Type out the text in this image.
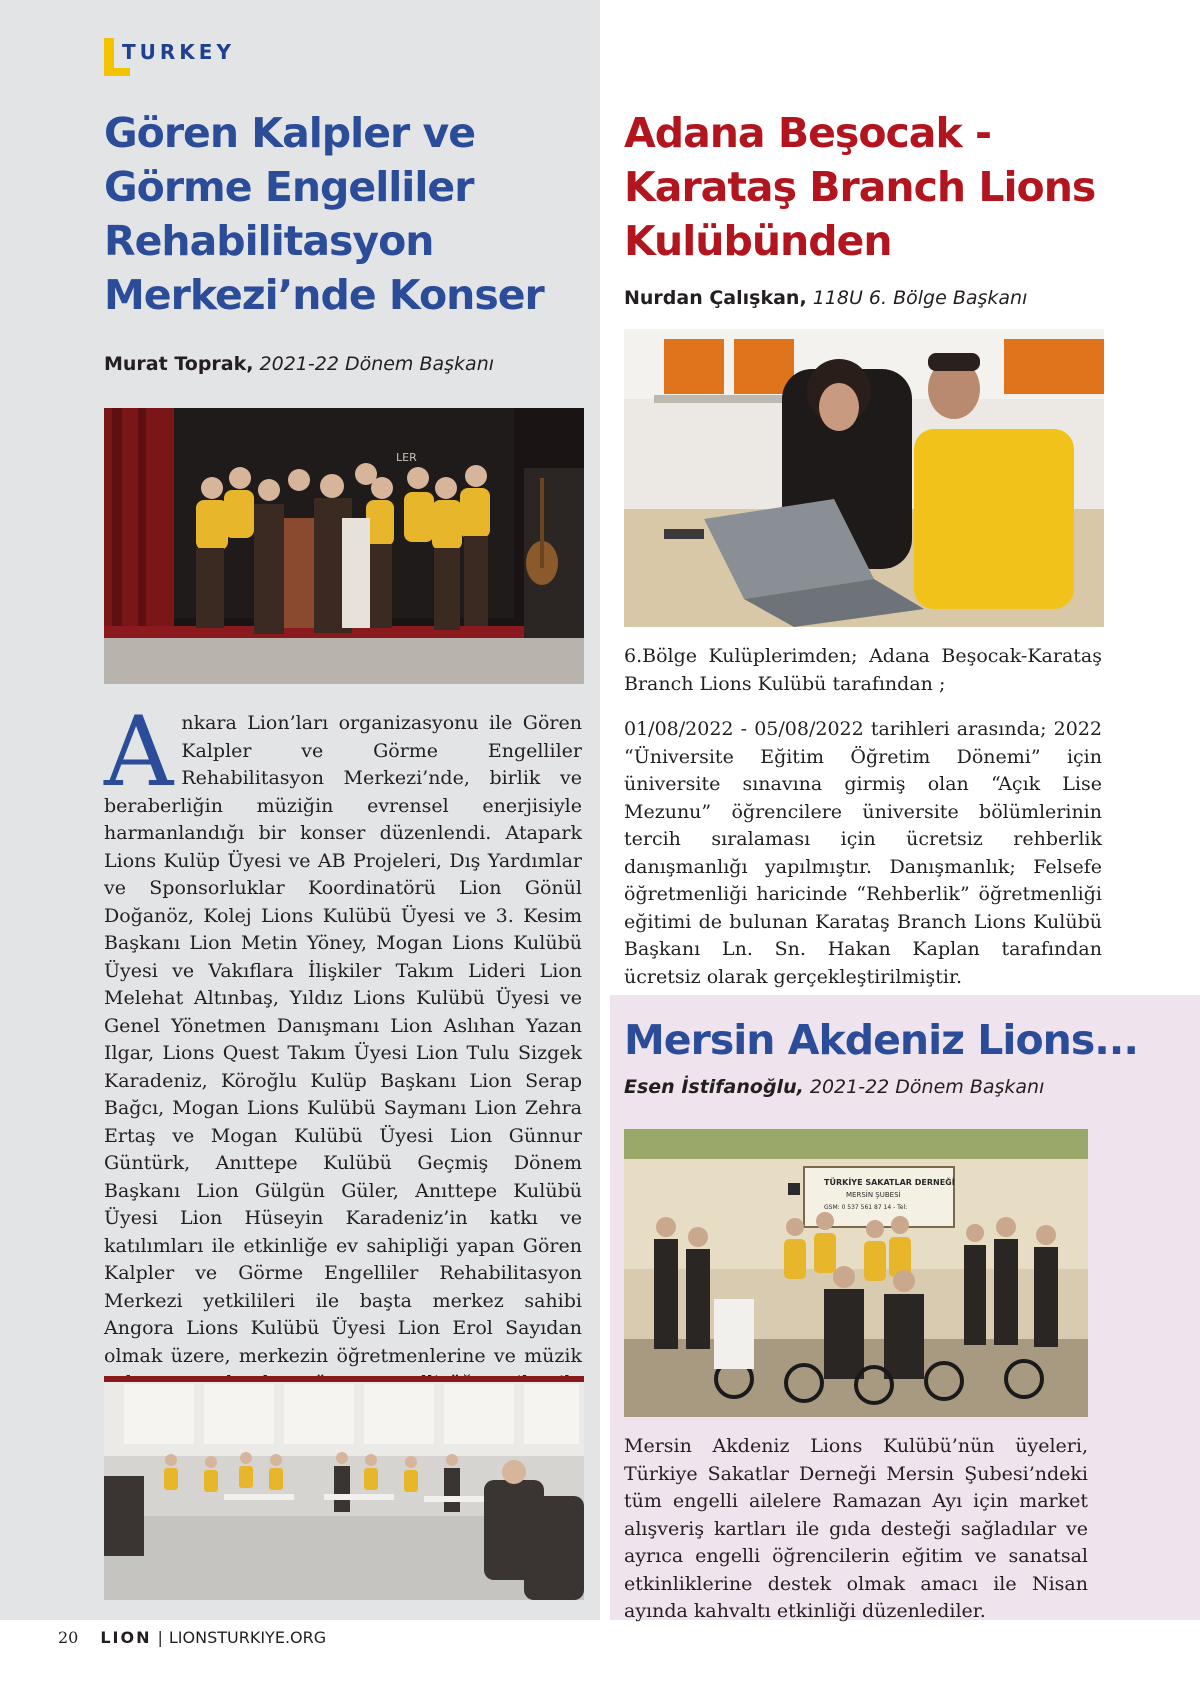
TURKEY
Gören Kalpler ve Görme Engelliler Rehabilitasyon Merkezi’nde Konser
Murat Toprak, 2021-22 Dönem Başkanı
LER

Ankara Lion’ları organizasyonu ile Gören Kalpler ve Görme Engelliler Rehabilitasyon Merkezi’nde, birlik ve beraberliğin müziğin evrensel enerjisiyle harmanlandığı bir konser düzenlendi. Atapark Lions Kulüp Üyesi ve AB Projeleri, Dış Yardımlar ve Sponsorluklar Koordinatörü Lion Gönül Doğanöz, Kolej Lions Kulübü Üyesi ve 3. Kesim Başkanı Lion Metin Yöney, Mogan Lions Kulübü Üyesi ve Vakıflara İlişkiler Takım Lideri Lion Melehat Altınbaş, Yıldız Lions Kulübü Üyesi ve Genel Yönetmen Danışmanı Lion Aslıhan Yazan Ilgar, Lions Quest Takım Üyesi Lion Tulu Sizgek Karadeniz, Köroğlu Kulüp Başkanı Lion Serap Bağcı, Mogan Lions Kulübü Saymanı Lion Zehra Ertaş ve Mogan Kulübü Üyesi Lion Günnur Güntürk, Anıttepe Kulübü Geçmiş Dönem Başkanı Lion Gülgün Güler, Anıttepe Kulübü Üyesi Lion Hüseyin Karadeniz’in katkı ve katılımları ile etkinliğe ev sahipliği yapan Gören Kalpler ve Görme Engelliler Rehabilitasyon Merkezi yetkilileri ile başta merkez sahibi Angora Lions Kulübü Üyesi Lion Erol Sayıdan olmak üzere, merkezin öğretmenlerine ve müzik

Adana Beşocak - Karataş Branch Lions Kulübünden
Nurdan Çalışkan, 118U 6. Bölge Başkanı

6.Bölge Kulüplerimden; Adana Beşocak-Karataş Branch Lions Kulübü tarafından ;

01/08/2022 - 05/08/2022 tarihleri arasında; 2022 “Üniversite Eğitim Öğretim Dönemi” için üniversite sınavına girmiş olan “Açık Lise Mezunu” öğrencilere üniversite bölümlerinin tercih sıralaması için ücretsiz rehberlik danışmanlığı yapılmıştır. Danışmanlık; Felsefe öğretmenliği haricinde “Rehberlik” öğretmenliği eğitimi de bulunan Karataş Branch Lions Kulübü Başkanı Ln. Sn. Hakan Kaplan tarafından ücretsiz olarak gerçekleştirilmiştir.

Mersin Akdeniz Lions...
Esen İstifanoğlu, 2021-22 Dönem Başkanı
TÜRKİYE SAKATLAR DERNEĞİ
MERSİN ŞUBESİ
GSM: 0 537 561 87 14 - Tel:

Mersin Akdeniz Lions Kulübü’nün üyeleri, Türkiye Sakatlar Derneği Mersin Şubesi’ndeki tüm engelli ailelere Ramazan Ayı için market alışveriş kartları ile gıda desteği sağladılar ve ayrıca engelli öğrencilerin eğitim ve sanatsal etkinliklerine destek olmak amacı ile Nisan ayında kahvaltı etkinliği düzenlediler.

20 LION | LIONSTURKIYE.ORG
